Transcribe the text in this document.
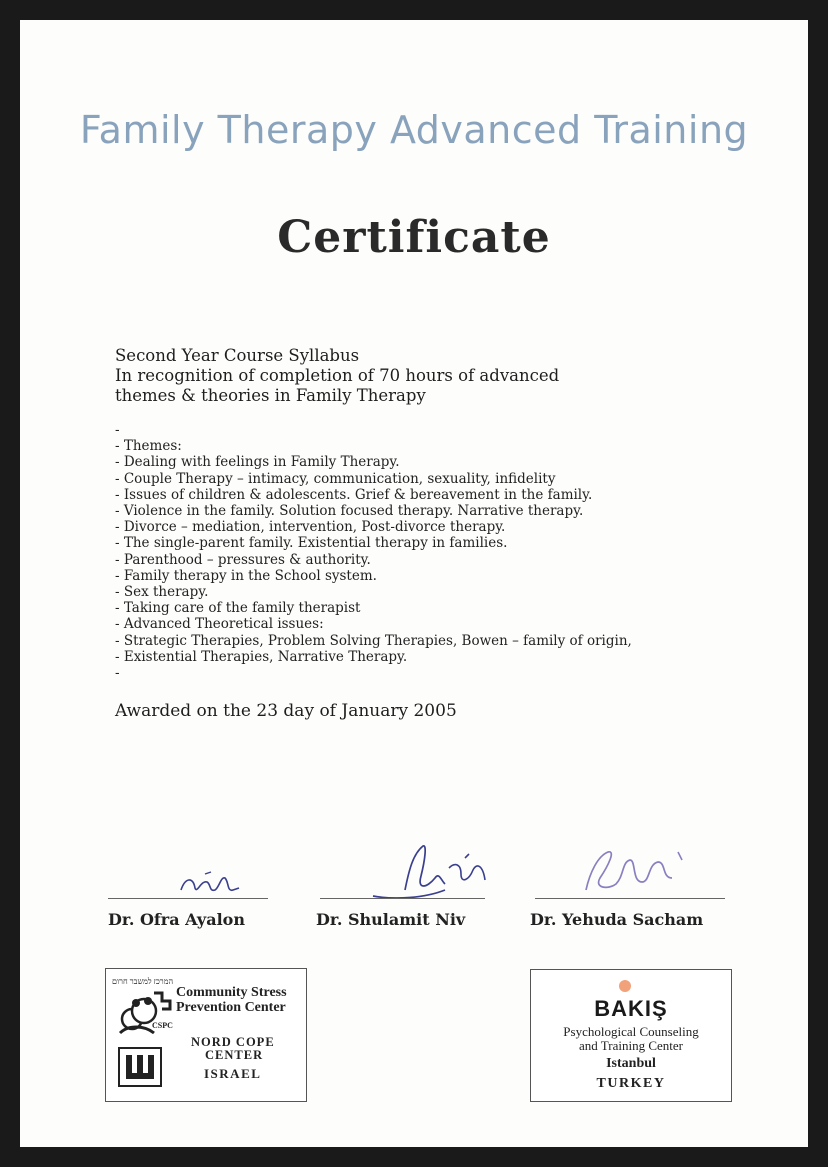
Family Therapy Advanced Training
Certificate
Second Year Course Syllabus
In recognition of completion of 70 hours of advanced
themes & theories in Family Therapy
-
- Themes:
- Dealing with feelings in Family Therapy.
- Couple Therapy – intimacy, communication, sexuality, infidelity
- Issues of children & adolescents. Grief & bereavement in the family.
- Violence in the family. Solution focused therapy. Narrative therapy.
- Divorce – mediation, intervention, Post-divorce therapy.
- The single-parent family. Existential therapy in families.
- Parenthood – pressures & authority.
- Family therapy in the School system.
- Sex therapy.
- Taking care of the family therapist
- Advanced Theoretical issues:
- Strategic Therapies, Problem Solving Therapies, Bowen – family of origin,
- Existential Therapies, Narrative Therapy.
-
Awarded on the 23 day of January 2005
Dr. Ofra Ayalon	Dr. Shulamit Niv	Dr. Yehuda Sacham
המרכז למשבר חרום
CSPC
Community Stress
Prevention Center
NORD COPE
CENTER
ISRAEL
BAKIŞ
Psychological Counseling
and Training Center
Istanbul
TURKEY
